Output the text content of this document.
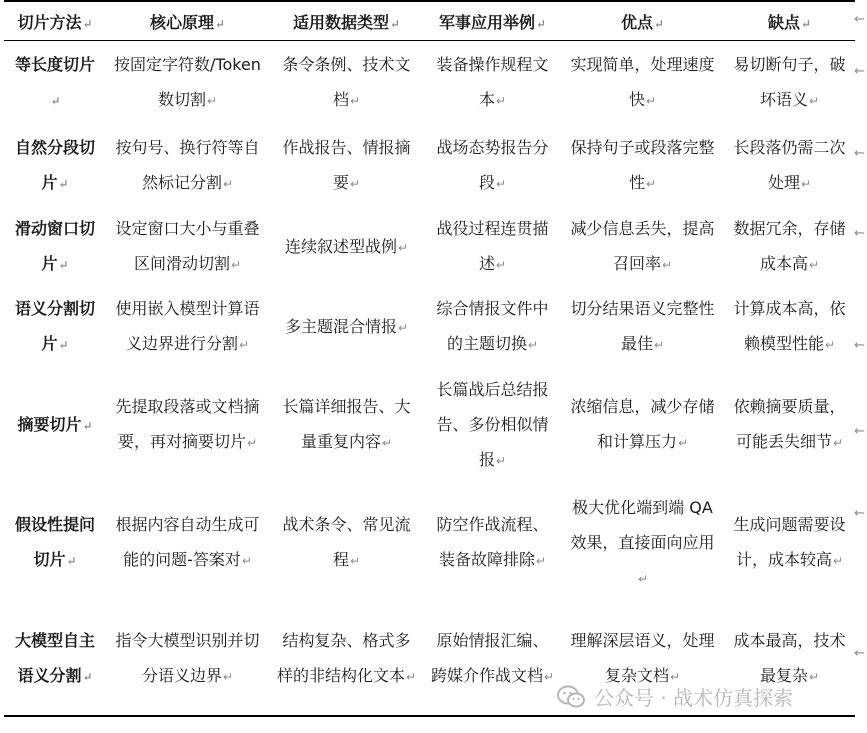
切片方法↵	核心原理↵	适用数据类型↵	军事应用举例↵	优点↵	缺点↵
等长度切片↵	按固定字符数/Token 数切割↵	条令条例、技术文档↵	装备操作规程文本↵	实现简单，处理速度快↵	易切断句子，破坏语义↵
自然分段切片↵	按句号、换行符等自然标记分割↵	作战报告、情报摘要↵	战场态势报告分段↵	保持句子或段落完整性↵	长段落仍需二次处理↵
滑动窗口切片↵	设定窗口大小与重叠区间滑动切割↵	连续叙述型战例↵	战役过程连贯描述↵	减少信息丢失，提高召回率↵	数据冗余，存储成本高↵
语义分割切片↵	使用嵌入模型计算语义边界进行分割↵	多主题混合情报↵	综合情报文件中的主题切换↵	切分结果语义完整性最佳↵	计算成本高，依赖模型性能↵
摘要切片↵	先提取段落或文档摘要，再对摘要切片↵	长篇详细报告、大量重复内容↵	长篇战后总结报告、多份相似情报↵	浓缩信息，减少存储和计算压力↵	依赖摘要质量，可能丢失细节↵
假设性提问切片↵	根据内容自动生成可能的问题-答案对↵	战术条令、常见流程↵	防空作战流程、装备故障排除↵	极大优化端到端 QA 效果，直接面向应用↵	生成问题需要设计，成本较高↵
大模型自主语义分割↵	指令大模型识别并切分语义边界↵	结构复杂、格式多样的非结构化文本↵	原始情报汇编、跨媒介作战文档↵	理解深层语义，处理复杂文档↵	成本最高，技术最复杂↵
←
←
←
←
←
←
←
←
公众号 · 战术仿真探索
